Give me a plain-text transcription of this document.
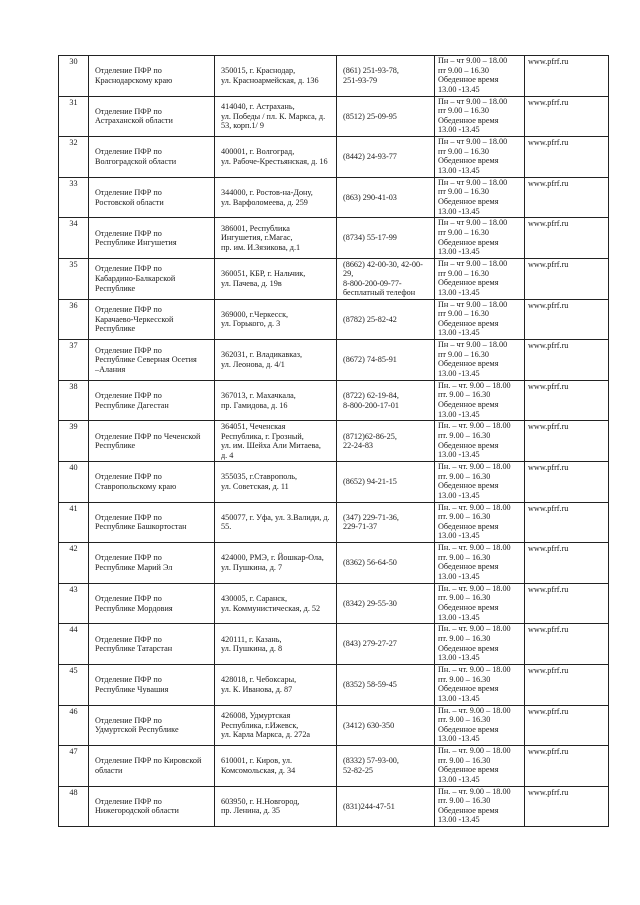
30	Отделение ПФР по
Краснодарскому краю	350015, г. Краснодар,
ул. Красноармейская, д. 136	(861) 251-93-78,
251-93-79	Пн – чт 9.00 – 18.00
пт 9.00 – 16.30
Обеденное время
13.00 -13.45	www.pfrf.ru
31	Отделение ПФР по
Астраханской области	414040, г. Астрахань,
ул. Победы / пл. К. Маркса, д.
53, корп.1/ 9	(8512) 25-09-95	Пн – чт 9.00 – 18.00
пт 9.00 – 16.30
Обеденное время
13.00 -13.45	www.pfrf.ru
32	Отделение ПФР по
Волгоградской области	400001, г. Волгоград,
ул. Рабоче-Крестьянская, д. 16	(8442) 24-93-77	Пн – чт 9.00 – 18.00
пт 9.00 – 16.30
Обеденное время
13.00 -13.45	www.pfrf.ru
33	Отделение ПФР по
Ростовской области	344000, г. Ростов-на-Дону,
ул. Варфоломеева, д. 259	(863) 290-41-03	Пн – чт 9.00 – 18.00
пт 9.00 – 16.30
Обеденное время
13.00 -13.45	www.pfrf.ru
34	Отделение ПФР по
Республике Ингушетия	386001, Республика
Ингушетия, г.Магас,
пр. им. И.Зязикова, д.1	(8734) 55-17-99	Пн – чт 9.00 – 18.00
пт 9.00 – 16.30
Обеденное время
13.00 -13.45	www.pfrf.ru
35	Отделение ПФР по
Кабардино-Балкарской
Республике	360051, КБР, г. Нальчик,
ул. Пачева, д. 19в	(8662) 42-00-30, 42-00-
29,
8-800-200-09-77-
бесплатный телефон	Пн – чт 9.00 – 18.00
пт 9.00 – 16.30
Обеденное время
13.00 -13.45	www.pfrf.ru
36	Отделение ПФР по
Карачаево-Черкесской
Республике	369000, г.Черкесск,
ул. Горького, д. 3	(8782) 25-82-42	Пн – чт 9.00 – 18.00
пт 9.00 – 16.30
Обеденное время
13.00 -13.45	www.pfrf.ru
37	Отделение ПФР по
Республике Северная Осетия
–Алания	362031, г. Владикавказ,
ул. Леонова, д. 4/1	(8672) 74-85-91	Пн – чт 9.00 – 18.00
пт 9.00 – 16.30
Обеденное время
13.00 -13.45	www.pfrf.ru
38	Отделение ПФР по
Республике Дагестан	367013, г. Махачкала,
пр. Гамидова, д. 16	(8722) 62-19-84,
8-800-200-17-01	Пн. – чт. 9.00 – 18.00
пт. 9.00 – 16.30
Обеденное время
13.00 -13.45	www.pfrf.ru
39	Отделение ПФР по Чеченской
Республике	364051, Чеченская
Республика, г. Грозный,
ул. им. Шейха Али Митаева,
д. 4	(8712)62-86-25,
22-24-83	Пн. – чт. 9.00 – 18.00
пт. 9.00 – 16.30
Обеденное время
13.00 -13.45	www.pfrf.ru
40	Отделение ПФР по
Ставропольскому краю	355035, г.Ставрополь,
ул. Советская, д. 11	(8652) 94-21-15	Пн. – чт. 9.00 – 18.00
пт. 9.00 – 16.30
Обеденное время
13.00 -13.45	www.pfrf.ru
41	Отделение ПФР по
Республике Башкортостан	450077, г. Уфа, ул. З.Валиди, д.
55.	(347) 229-71-36,
229-71-37	Пн. – чт. 9.00 – 18.00
пт. 9.00 – 16.30
Обеденное время
13.00 -13.45	www.pfrf.ru
42	Отделение ПФР по
Республике Марий Эл	424000, РМЭ, г. Йошкар-Ола,
ул. Пушкина, д. 7	(8362) 56-64-50	Пн. – чт. 9.00 – 18.00
пт. 9.00 – 16.30
Обеденное время
13.00 -13.45	www.pfrf.ru
43	Отделение ПФР по
Республике Мордовия	430005, г. Саранск,
ул. Коммунистическая, д. 52	(8342) 29-55-30	Пн. – чт. 9.00 – 18.00
пт. 9.00 – 16.30
Обеденное время
13.00 -13.45	www.pfrf.ru
44	Отделение ПФР по
Республике Татарстан	420111, г. Казань,
ул. Пушкина, д. 8	(843) 279-27-27	Пн. – чт. 9.00 – 18.00
пт. 9.00 – 16.30
Обеденное время
13.00 -13.45	www.pfrf.ru
45	Отделение ПФР по
Республике Чувашия	428018, г. Чебоксары,
ул. К. Иванова, д. 87	(8352) 58-59-45	Пн. – чт. 9.00 – 18.00
пт. 9.00 – 16.30
Обеденное время
13.00 -13.45	www.pfrf.ru
46	Отделение ПФР по
Удмуртской Республике	426008, Удмуртская
Республика, г.Ижевск,
ул. Карла Маркса, д. 272а	(3412) 630-350	Пн. – чт. 9.00 – 18.00
пт. 9.00 – 16.30
Обеденное время
13.00 -13.45	www.pfrf.ru
47	Отделение ПФР по Кировской
области	610001, г. Киров, ул.
Комсомольская, д. 34	(8332) 57-93-00,
52-82-25	Пн. – чт. 9.00 – 18.00
пт. 9.00 – 16.30
Обеденное время
13.00 -13.45	www.pfrf.ru
48	Отделение ПФР по
Нижегородской области	603950, г. Н.Новгород,
пр. Ленина, д. 35	(831)244-47-51	Пн. – чт. 9.00 – 18.00
пт. 9.00 – 16.30
Обеденное время
13.00 -13.45	www.pfrf.ru
